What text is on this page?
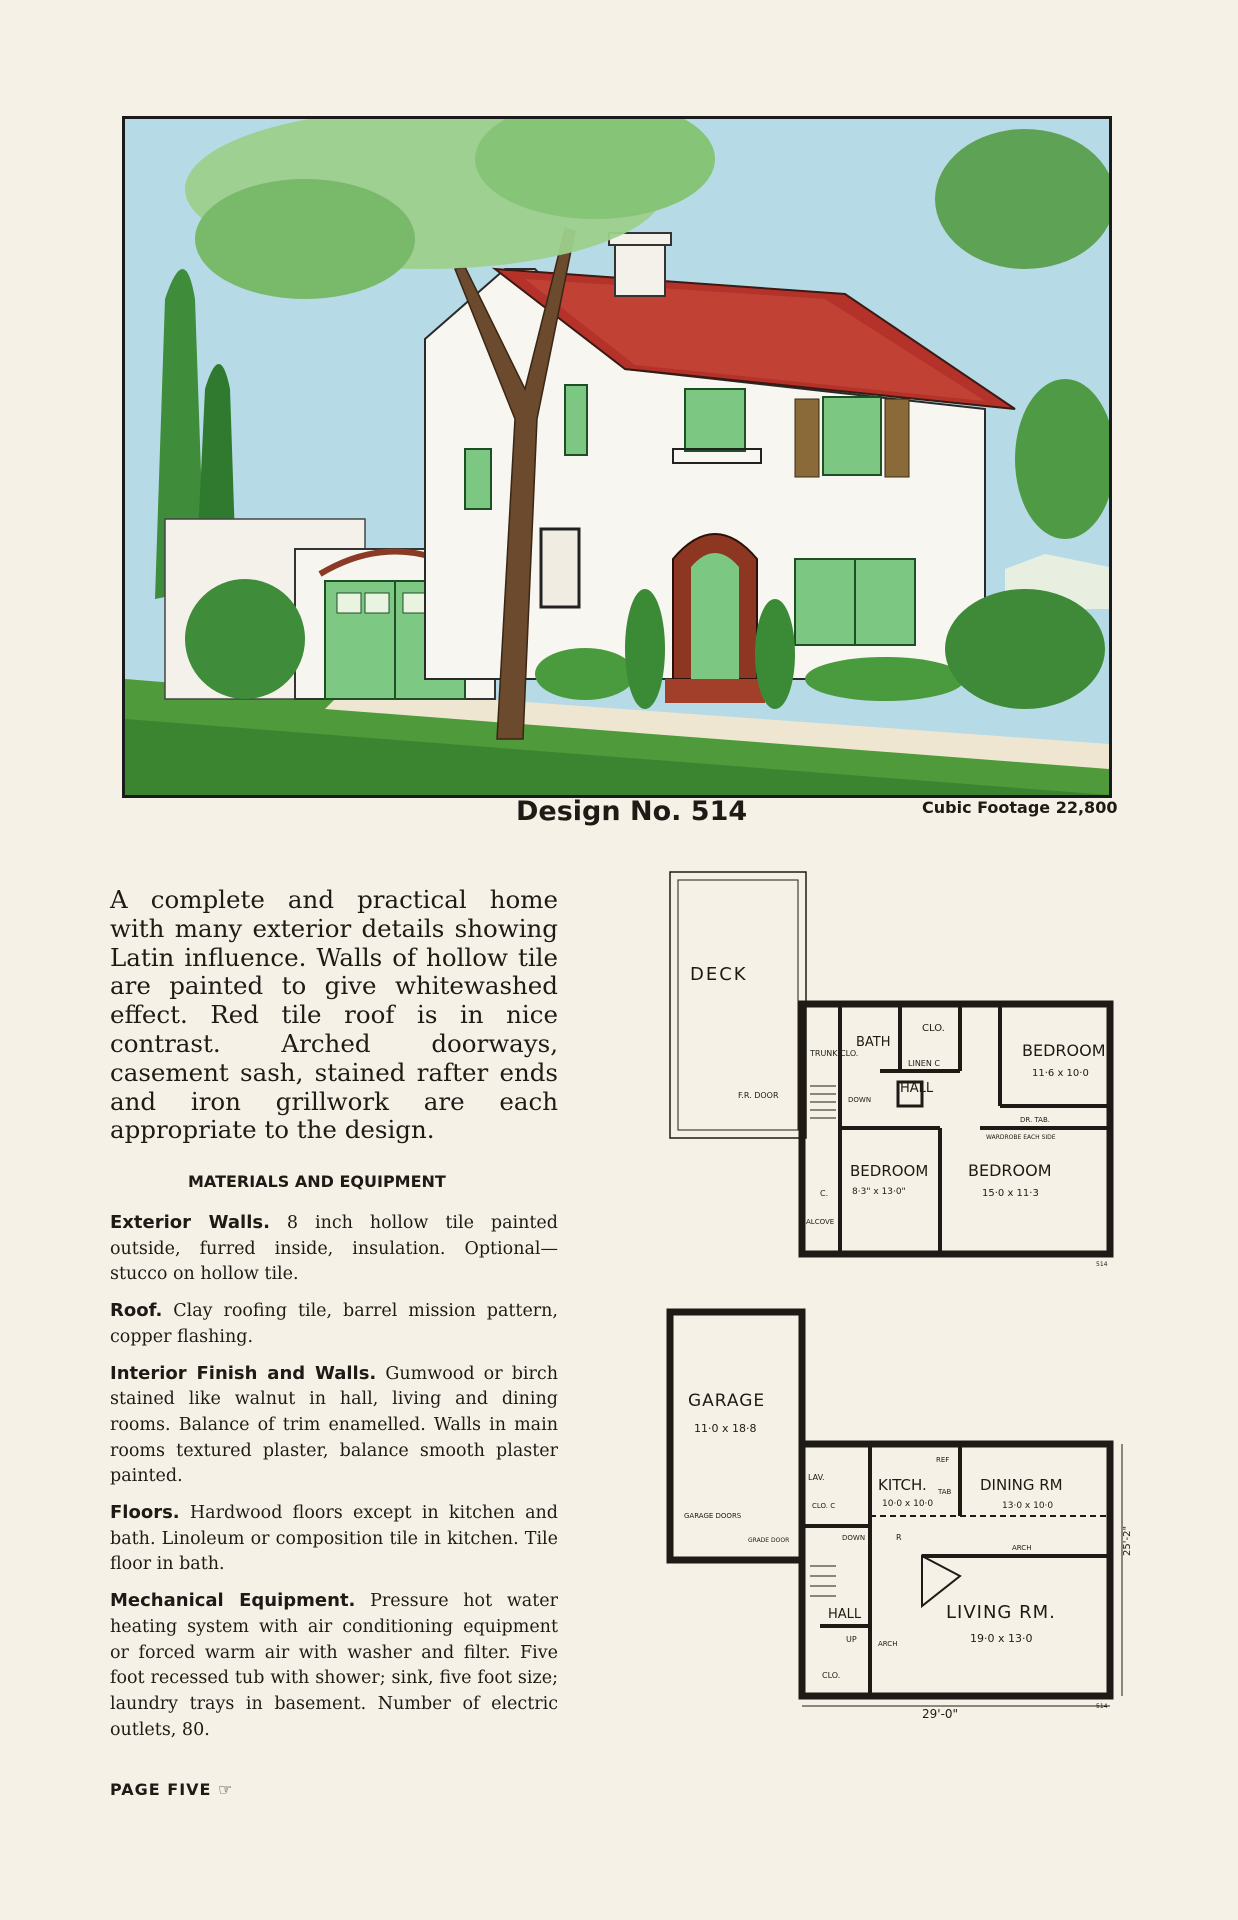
Design No. 514	Cubic Footage 22,800
A complete and practical home with many exterior details showing Latin influence. Walls of hollow tile are painted to give whitewashed effect. Red tile roof is in nice contrast. Arched doorways, casement sash, stained rafter ends and iron grillwork are each appropriate to the design.
MATERIALS AND EQUIPMENT

Exterior Walls. 8 inch hollow tile painted outside, furred inside, insulation. Optional—stucco on hollow tile.

Roof. Clay roofing tile, barrel mission pattern, copper flashing.

Interior Finish and Walls. Gumwood or birch stained like walnut in hall, living and dining rooms. Balance of trim enamelled. Walls in main rooms textured plaster, balance smooth plaster painted.

Floors. Hardwood floors except in kitchen and bath. Linoleum or composition tile in kitchen. Tile floor in bath.

Mechanical Equipment. Pressure hot water heating system with air conditioning equipment or forced warm air with washer and filter. Five foot recessed tub with shower; sink, five foot size; laundry trays in basement. Number of electric outlets, 80.

PAGE FIVE ☞
DECK
BATH
TRUNK CLO.
CLO.
LINEN C
HALL
DOWN
F.R. DOOR
BEDROOM
11·6 x 10·0
DR. TAB.
WARDROBE EACH SIDE
BEDROOM
8·3" x 13·0"
BEDROOM
15·0 x 11·3
ALCOVE
C.
514
GARAGE
11·0 x 18·8
GARAGE DOORS
GRADE DOOR
LAV.
CLO. C
KITCH.
10·0 x 10·0
TAB
REF
DINING RM
13·0 x 10·0
ARCH
DOWN	R
HALL
UP	ARCH
CLO.
LIVING RM.
19·0 x 13·0
25'-2"
29'-0"
514
